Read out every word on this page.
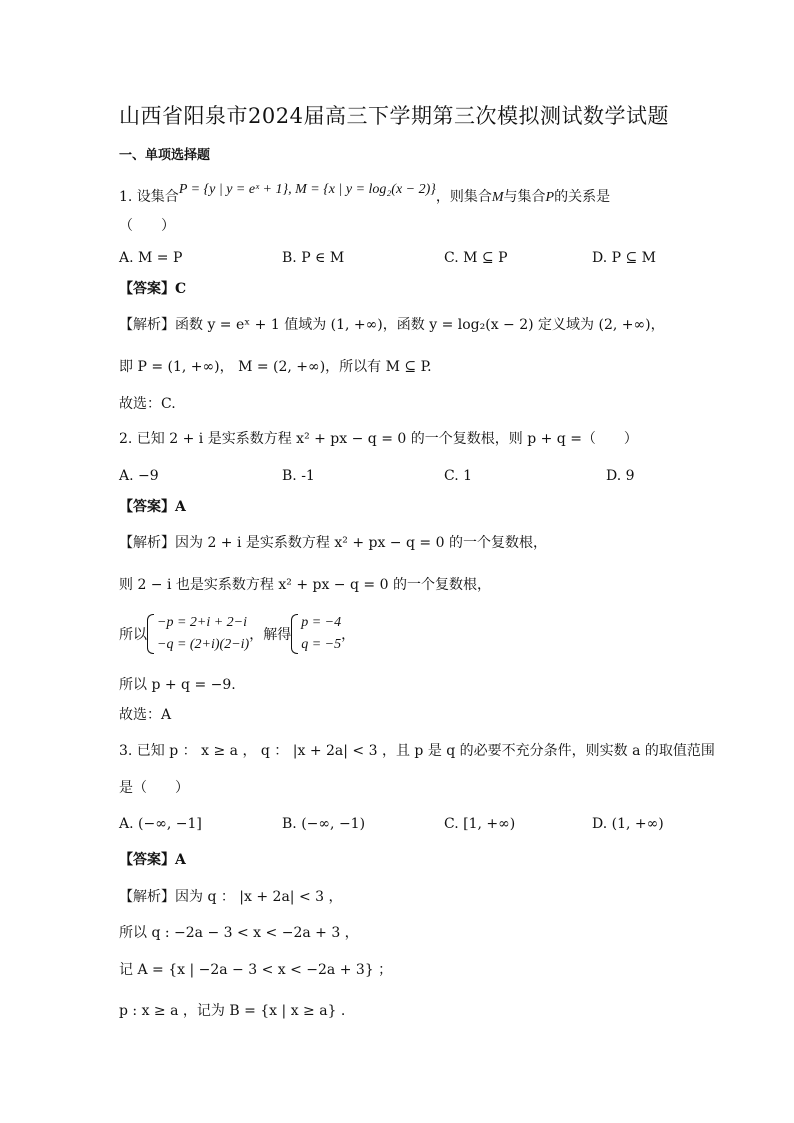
山西省阳泉市2024届高三下学期第三次模拟测试数学试题
一、单项选择题
1. 设集合P = {y | y = eˣ + 1}, M = {x | y = log₂(x − 2)}，则集合M与集合P的关系是
（　　）
A. M = P	B. P ∈ M	C. M ⊆ P	D. P ⊆ M
【答案】C
【解析】函数 y = eˣ + 1 值域为 (1, +∞)，函数 y = log₂(x − 2) 定义域为 (2, +∞)，
即 P = (1, +∞)， M = (2, +∞)，所以有 M ⊆ P.
故选：C.
2. 已知 2 + i 是实系数方程 x² + px − q = 0 的一个复数根，则 p + q =（　　）
A. −9	B. -1	C. 1	D. 9
【答案】A
【解析】因为 2 + i 是实系数方程 x² + px − q = 0 的一个复数根，
则 2 − i 也是实系数方程 x² + px − q = 0 的一个复数根，
所以
−p = 2+i + 2−i
−q = (2+i)(2−i)
，解得
p = −4
q = −5
，
所以 p + q = −9.
故选：A
3. 已知 p ： x ≥ a ， q ： |x + 2a| < 3 ，且 p 是 q 的必要不充分条件，则实数 a 的取值范围
是（　　）
A. (−∞, −1]	B. (−∞, −1)	C. [1, +∞)	D. (1, +∞)
【答案】A
【解析】因为 q ： |x + 2a| < 3 ，
所以 q : −2a − 3 < x < −2a + 3 ，
记 A = {x | −2a − 3 < x < −2a + 3} ；
p : x ≥ a ，记为 B = {x | x ≥ a} .
